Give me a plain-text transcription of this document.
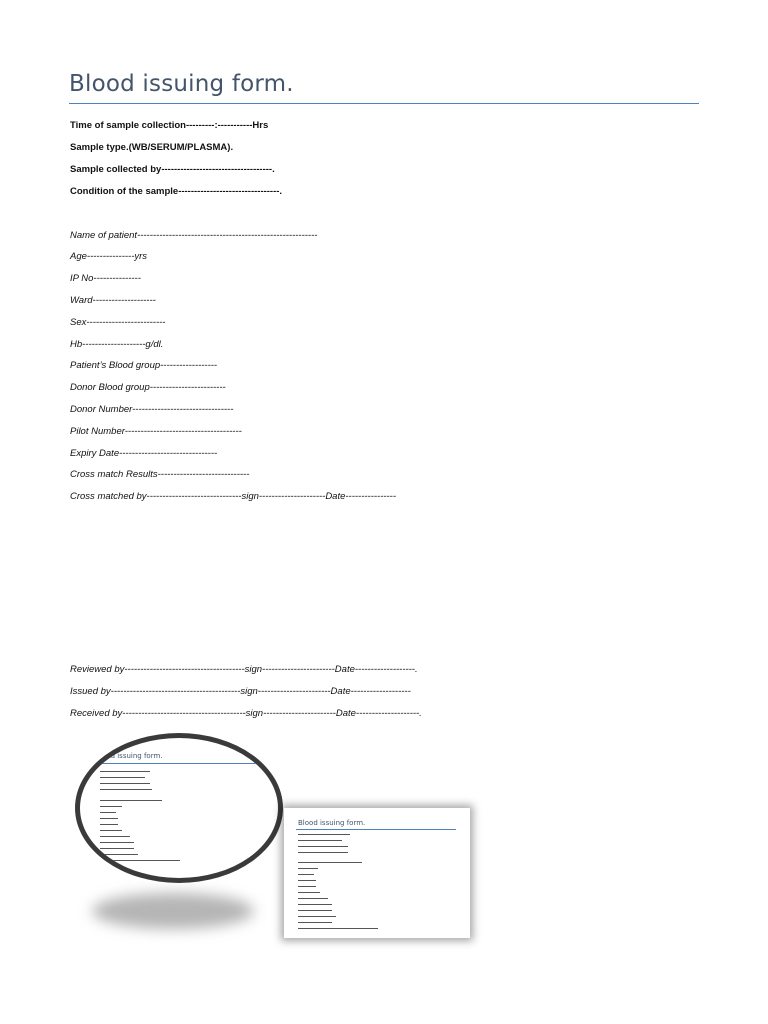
Blood issuing form.
Time of sample collection---------:-----------Hrs
Sample type.(WB/SERUM/PLASMA).
Sample collected by-----------------------------------.
Condition of the sample--------------------------------.
Name of patient---------------------------------------------------------
Age---------------yrs
IP No---------------
Ward--------------------
Sex-------------------------
Hb--------------------g/dl.
Patient’s Blood group------------------
Donor Blood group------------------------
Donor Number--------------------------------
Pilot Number-------------------------------------
Expiry Date-------------------------------
Cross match Results-----------------------------
Cross matched by------------------------------sign---------------------Date----------------
Reviewed by--------------------------------------sign-----------------------Date-------------------.
Issued by-----------------------------------------sign-----------------------Date-------------------
Received by---------------------------------------sign-----------------------Date--------------------.
ood issuing form.
Blood issuing form.
